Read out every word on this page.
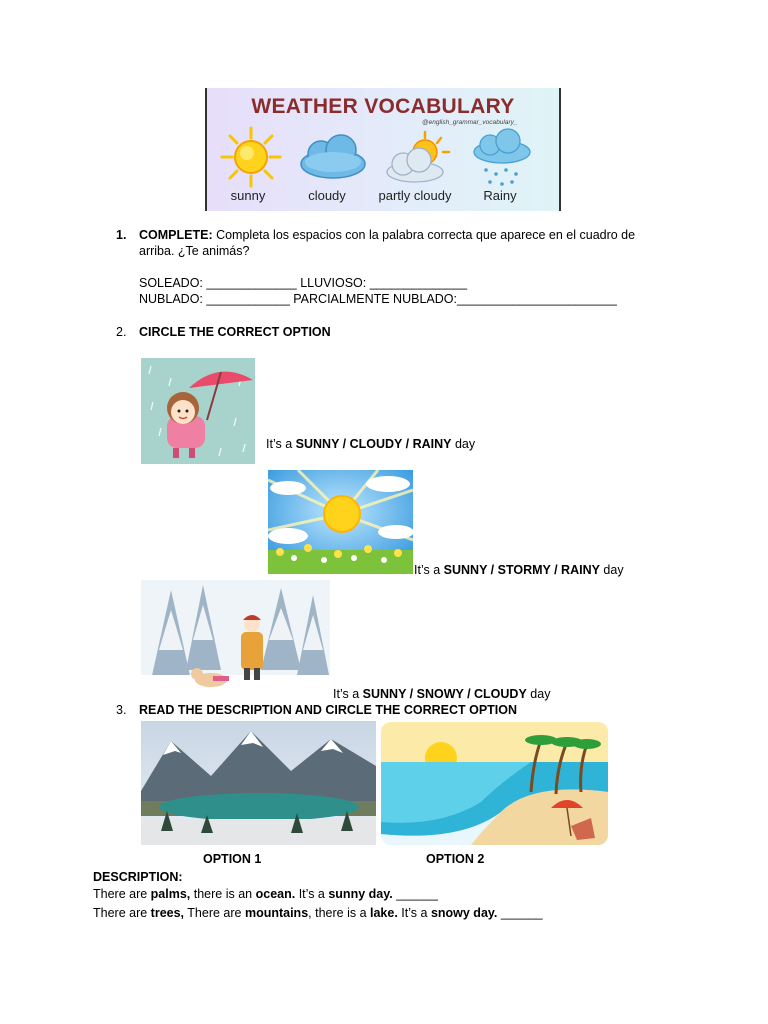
WEATHER VOCABULARY
@english_grammar_vocabulary_
sunny	cloudy	partly cloudy	Rainy
1. COMPLETE: Completa los espacios con la palabra correcta que aparece en el cuadro de
arriba. ¿Te animás?
SOLEADO: _____________ LLUVIOSO: ______________
NUBLADO: ____________ PARCIALMENTE NUBLADO:_______________________
2. CIRCLE THE CORRECT OPTION
It’s a SUNNY / CLOUDY / RAINY day
It’s a SUNNY / STORMY / RAINY day
It’s a SUNNY / SNOWY / CLOUDY day
3. READ THE DESCRIPTION AND CIRCLE THE CORRECT OPTION
OPTION 1	OPTION 2
DESCRIPTION:
There are palms, there is an ocean. It’s a sunny day. ______
There are trees, There are mountains, there is a lake. It’s a snowy day. ______
